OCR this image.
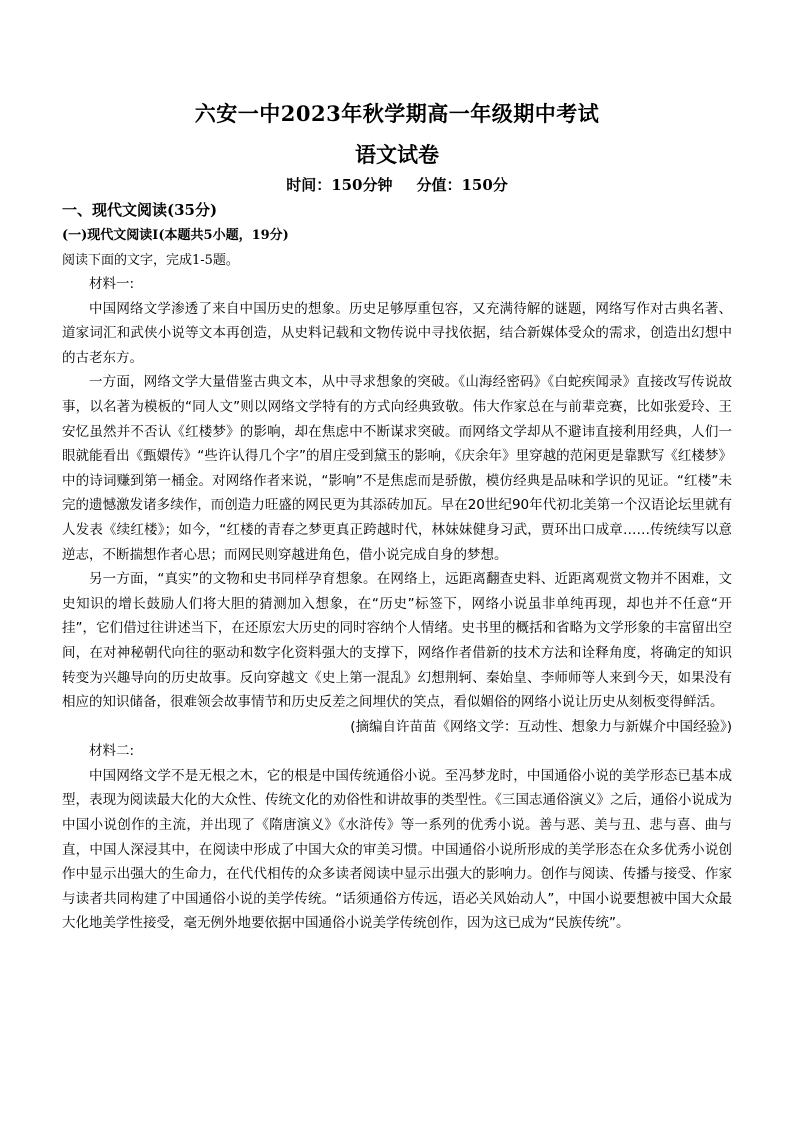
六安一中2023年秋学期高一年级期中考试
语文试卷
时间：150分钟 分值：150分
一、现代文阅读(35分)
(一)现代文阅读Ⅰ(本题共5小题，19分)
阅读下面的文字，完成1-5题。

材料一:

中国网络文学渗透了来自中国历史的想象。历史足够厚重包容，又充满待解的谜题，网络写作对古典名著、道家词汇和武侠小说等文本再创造，从史料记载和文物传说中寻找依据，结合新媒体受众的需求，创造出幻想中的古老东方。

一方面，网络文学大量借鉴古典文本，从中寻求想象的突破。《山海经密码》《白蛇疾闻录》直接改写传说故事，以名著为模板的“同人文”则以网络文学特有的方式向经典致敬。伟大作家总在与前辈竞赛，比如张爱玲、王安忆虽然并不否认《红楼梦》的影响，却在焦虑中不断谋求突破。而网络文学却从不避讳直接利用经典，人们一眼就能看出《甄嬛传》“些许认得几个字”的眉庄受到黛玉的影响，《庆余年》里穿越的范闲更是靠默写《红楼梦》中的诗词赚到第一桶金。对网络作者来说，“影响”不是焦虑而是骄傲，模仿经典是品味和学识的见证。“红楼”未完的遗憾激发诸多续作，而创造力旺盛的网民更为其添砖加瓦。早在20世纪90年代初北美第一个汉语论坛里就有人发表《续红楼》；如今，“红楼的青春之梦更真正跨越时代，林妹妹健身习武，贾环出口成章……传统续写以意逆志，不断揣想作者心思；而网民则穿越进角色，借小说完成自身的梦想。

另一方面，“真实”的文物和史书同样孕育想象。在网络上，远距离翻查史料、近距离观赏文物并不困难，文史知识的增长鼓励人们将大胆的猜测加入想象，在“历史”标签下，网络小说虽非单纯再现，却也并不任意“开挂”，它们借过往讲述当下，在还原宏大历史的同时容纳个人情绪。史书里的概括和省略为文学形象的丰富留出空间，在对神秘朝代向往的驱动和数字化资料强大的支撑下，网络作者借新的技术方法和诠释角度，将确定的知识转变为兴趣导向的历史故事。反向穿越文《史上第一混乱》幻想荆轲、秦始皇、李师师等人来到今天，如果没有相应的知识储备，很难领会故事情节和历史反差之间埋伏的笑点，看似媚俗的网络小说让历史从刻板变得鲜活。

(摘编自许苗苗《网络文学：互动性、想象力与新媒介中国经验》)

材料二:

中国网络文学不是无根之木，它的根是中国传统通俗小说。至冯梦龙时，中国通俗小说的美学形态已基本成型，表现为阅读最大化的大众性、传统文化的劝俗性和讲故事的类型性。《三国志通俗演义》之后，通俗小说成为中国小说创作的主流，并出现了《隋唐演义》《水浒传》等一系列的优秀小说。善与恶、美与丑、悲与喜、曲与直，中国人深浸其中，在阅读中形成了中国大众的审美习惯。中国通俗小说所形成的美学形态在众多优秀小说创作中显示出强大的生命力，在代代相传的众多读者阅读中显示出强大的影响力。创作与阅读、传播与接受、作家与读者共同构建了中国通俗小说的美学传统。“话须通俗方传远，语必关风始动人”，中国小说要想被中国大众最大化地美学性接受，毫无例外地要依据中国通俗小说美学传统创作，因为这已成为“民族传统”。
